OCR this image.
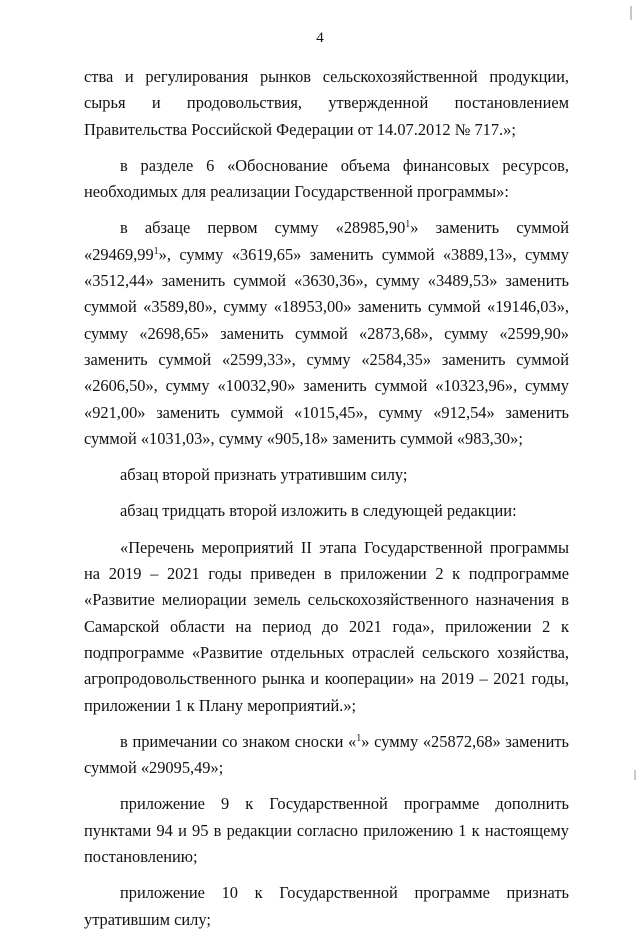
4

ства и регулирования рынков сельскохозяйственной продукции, сырья и продовольствия, утвержденной постановлением Правительства Российской Федерации от 14.07.2012 № 717.»;

в разделе 6 «Обоснование объема финансовых ресурсов, необходимых для реализации Государственной программы»:

в абзаце первом сумму «28985,90$^1$» заменить суммой «29469,99$^1$», сумму «3619,65» заменить суммой «3889,13», сумму «3512,44» заменить суммой «3630,36», сумму «3489,53» заменить суммой «3589,80», сумму «18953,00» заменить суммой «19146,03», сумму «2698,65» заменить суммой «2873,68», сумму «2599,90» заменить суммой «2599,33», сумму «2584,35» заменить суммой «2606,50», сумму «10032,90» заменить суммой «10323,96», сумму «921,00» заменить суммой «1015,45», сумму «912,54» заменить суммой «1031,03», сумму «905,18» заменить суммой «983,30»;

абзац второй признать утратившим силу;

абзац тридцать второй изложить в следующей редакции:

«Перечень мероприятий II этапа Государственной программы на 2019 – 2021 годы приведен в приложении 2 к подпрограмме «Развитие мелиорации земель сельскохозяйственного назначения в Самарской области на период до 2021 года», приложении 2 к подпрограмме «Развитие отдельных отраслей сельского хозяйства, агропродовольственного рынка и кооперации» на 2019 – 2021 годы, приложении 1 к Плану мероприятий.»;

в примечании со знаком сноски «$^1$» сумму «25872,68» заменить суммой «29095,49»;

приложение 9 к Государственной программе дополнить пунктами 94 и 95 в редакции согласно приложению 1 к настоящему постановлению;

приложение 10 к Государственной программе признать утратившим силу;
